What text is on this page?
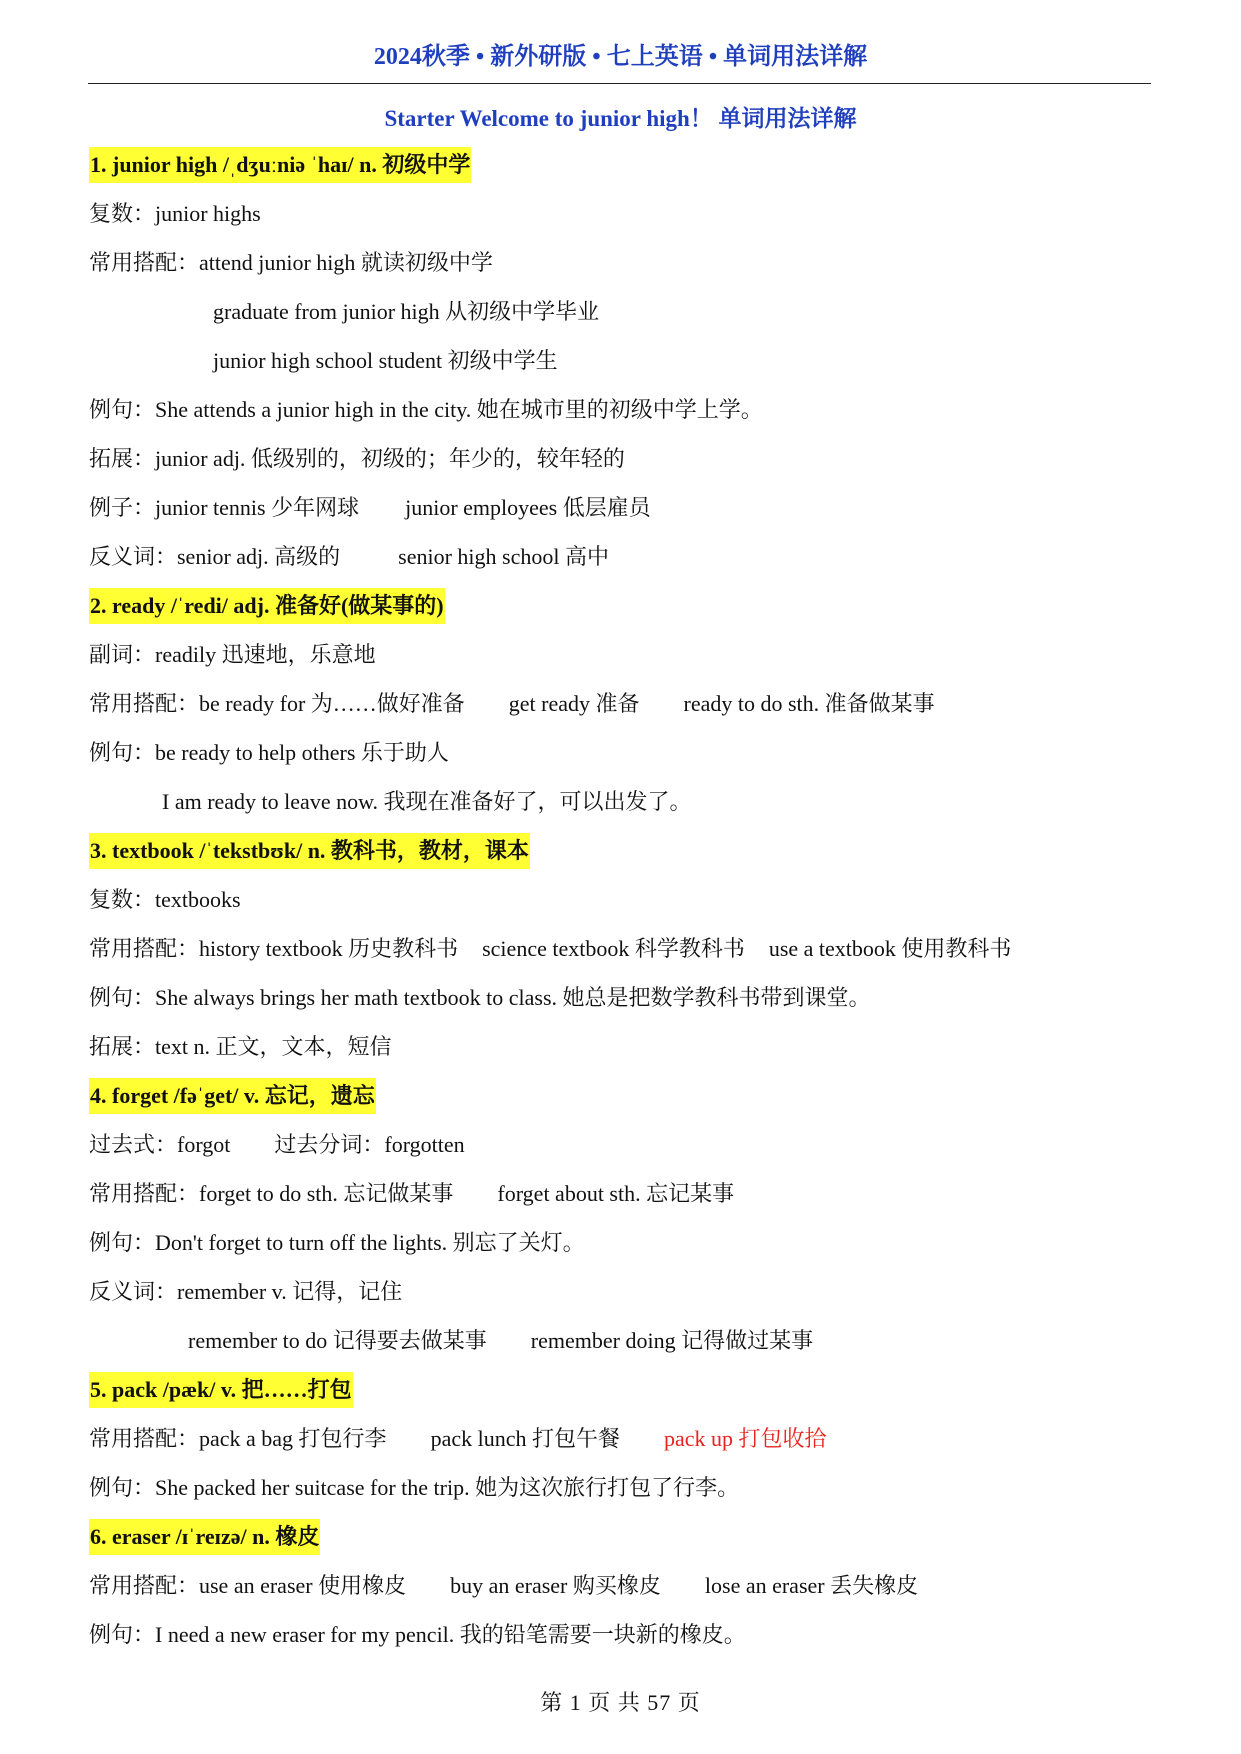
2024秋季 • 新外研版 • 七上英语 • 单词用法详解
Starter Welcome to junior high！ 单词用法详解
1. junior high /ˌdʒuːniə ˈhaɪ/ n. 初级中学
复数：junior highs
常用搭配：attend junior high 就读初级中学
graduate from junior high 从初级中学毕业
junior high school student 初级中学生
例句：She attends a junior high in the city. 她在城市里的初级中学上学。
拓展：junior adj. 低级别的，初级的；年少的，较年轻的
例子：junior tennis 少年网球 junior employees 低层雇员
反义词：senior adj. 高级的	senior high school 高中
2. ready /ˈredi/ adj. 准备好(做某事的)
副词：readily 迅速地，乐意地
常用搭配：be ready for 为……做好准备 get ready 准备 ready to do sth. 准备做某事
例句：be ready to help others 乐于助人
I am ready to leave now. 我现在准备好了，可以出发了。
3. textbook /ˈtekstbʊk/ n. 教科书，教材，课本
复数：textbooks
常用搭配：history textbook 历史教科书 science textbook 科学教科书 use a textbook 使用教科书
例句：She always brings her math textbook to class. 她总是把数学教科书带到课堂。
拓展：text n. 正文，文本，短信
4. forget /fəˈget/ v. 忘记，遗忘
过去式：forgot 过去分词：forgotten
常用搭配：forget to do sth. 忘记做某事 forget about sth. 忘记某事
例句：Don't forget to turn off the lights. 别忘了关灯。
反义词：remember v. 记得，记住
remember to do 记得要去做某事 remember doing 记得做过某事
5. pack /pæk/ v. 把……打包
常用搭配：pack a bag 打包行李 pack lunch 打包午餐 pack up 打包收拾
例句：She packed her suitcase for the trip. 她为这次旅行打包了行李。
6. eraser /ɪˈreɪzə/ n. 橡皮
常用搭配：use an eraser 使用橡皮 buy an eraser 购买橡皮 lose an eraser 丢失橡皮
例句：I need a new eraser for my pencil. 我的铅笔需要一块新的橡皮。
第 1 页 共 57 页
